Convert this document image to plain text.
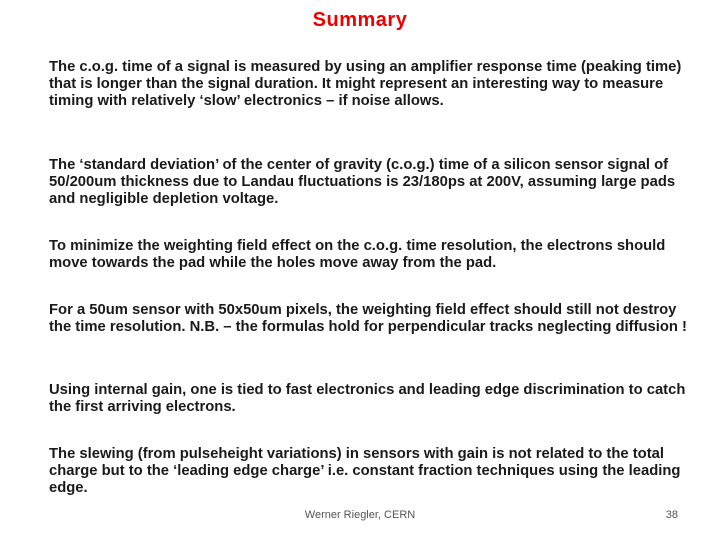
Summary

The c.o.g. time of a signal is measured by using an amplifier response time (peaking time) that is longer than the signal duration. It might represent an interesting way to measure timing with relatively ‘slow’ electronics – if noise allows.

The ‘standard deviation’ of the center of gravity (c.o.g.) time of a silicon sensor signal of 50/200um thickness due to Landau fluctuations is 23/180ps at 200V, assuming large pads and negligible depletion voltage.

To minimize the weighting field effect on the c.o.g. time resolution, the electrons should move towards the pad while the holes move away from the pad.

For a 50um sensor with 50x50um pixels, the weighting field effect should still not destroy the time resolution. N.B. – the formulas hold for perpendicular tracks neglecting diffusion !

Using internal gain, one is tied to fast electronics and leading edge discrimination to catch the first arriving electrons.

The slewing (from pulseheight variations) in sensors with gain is not related to the total charge but to the ‘leading edge charge’ i.e. constant fraction techniques using the leading edge.

Werner Riegler, CERN	38
